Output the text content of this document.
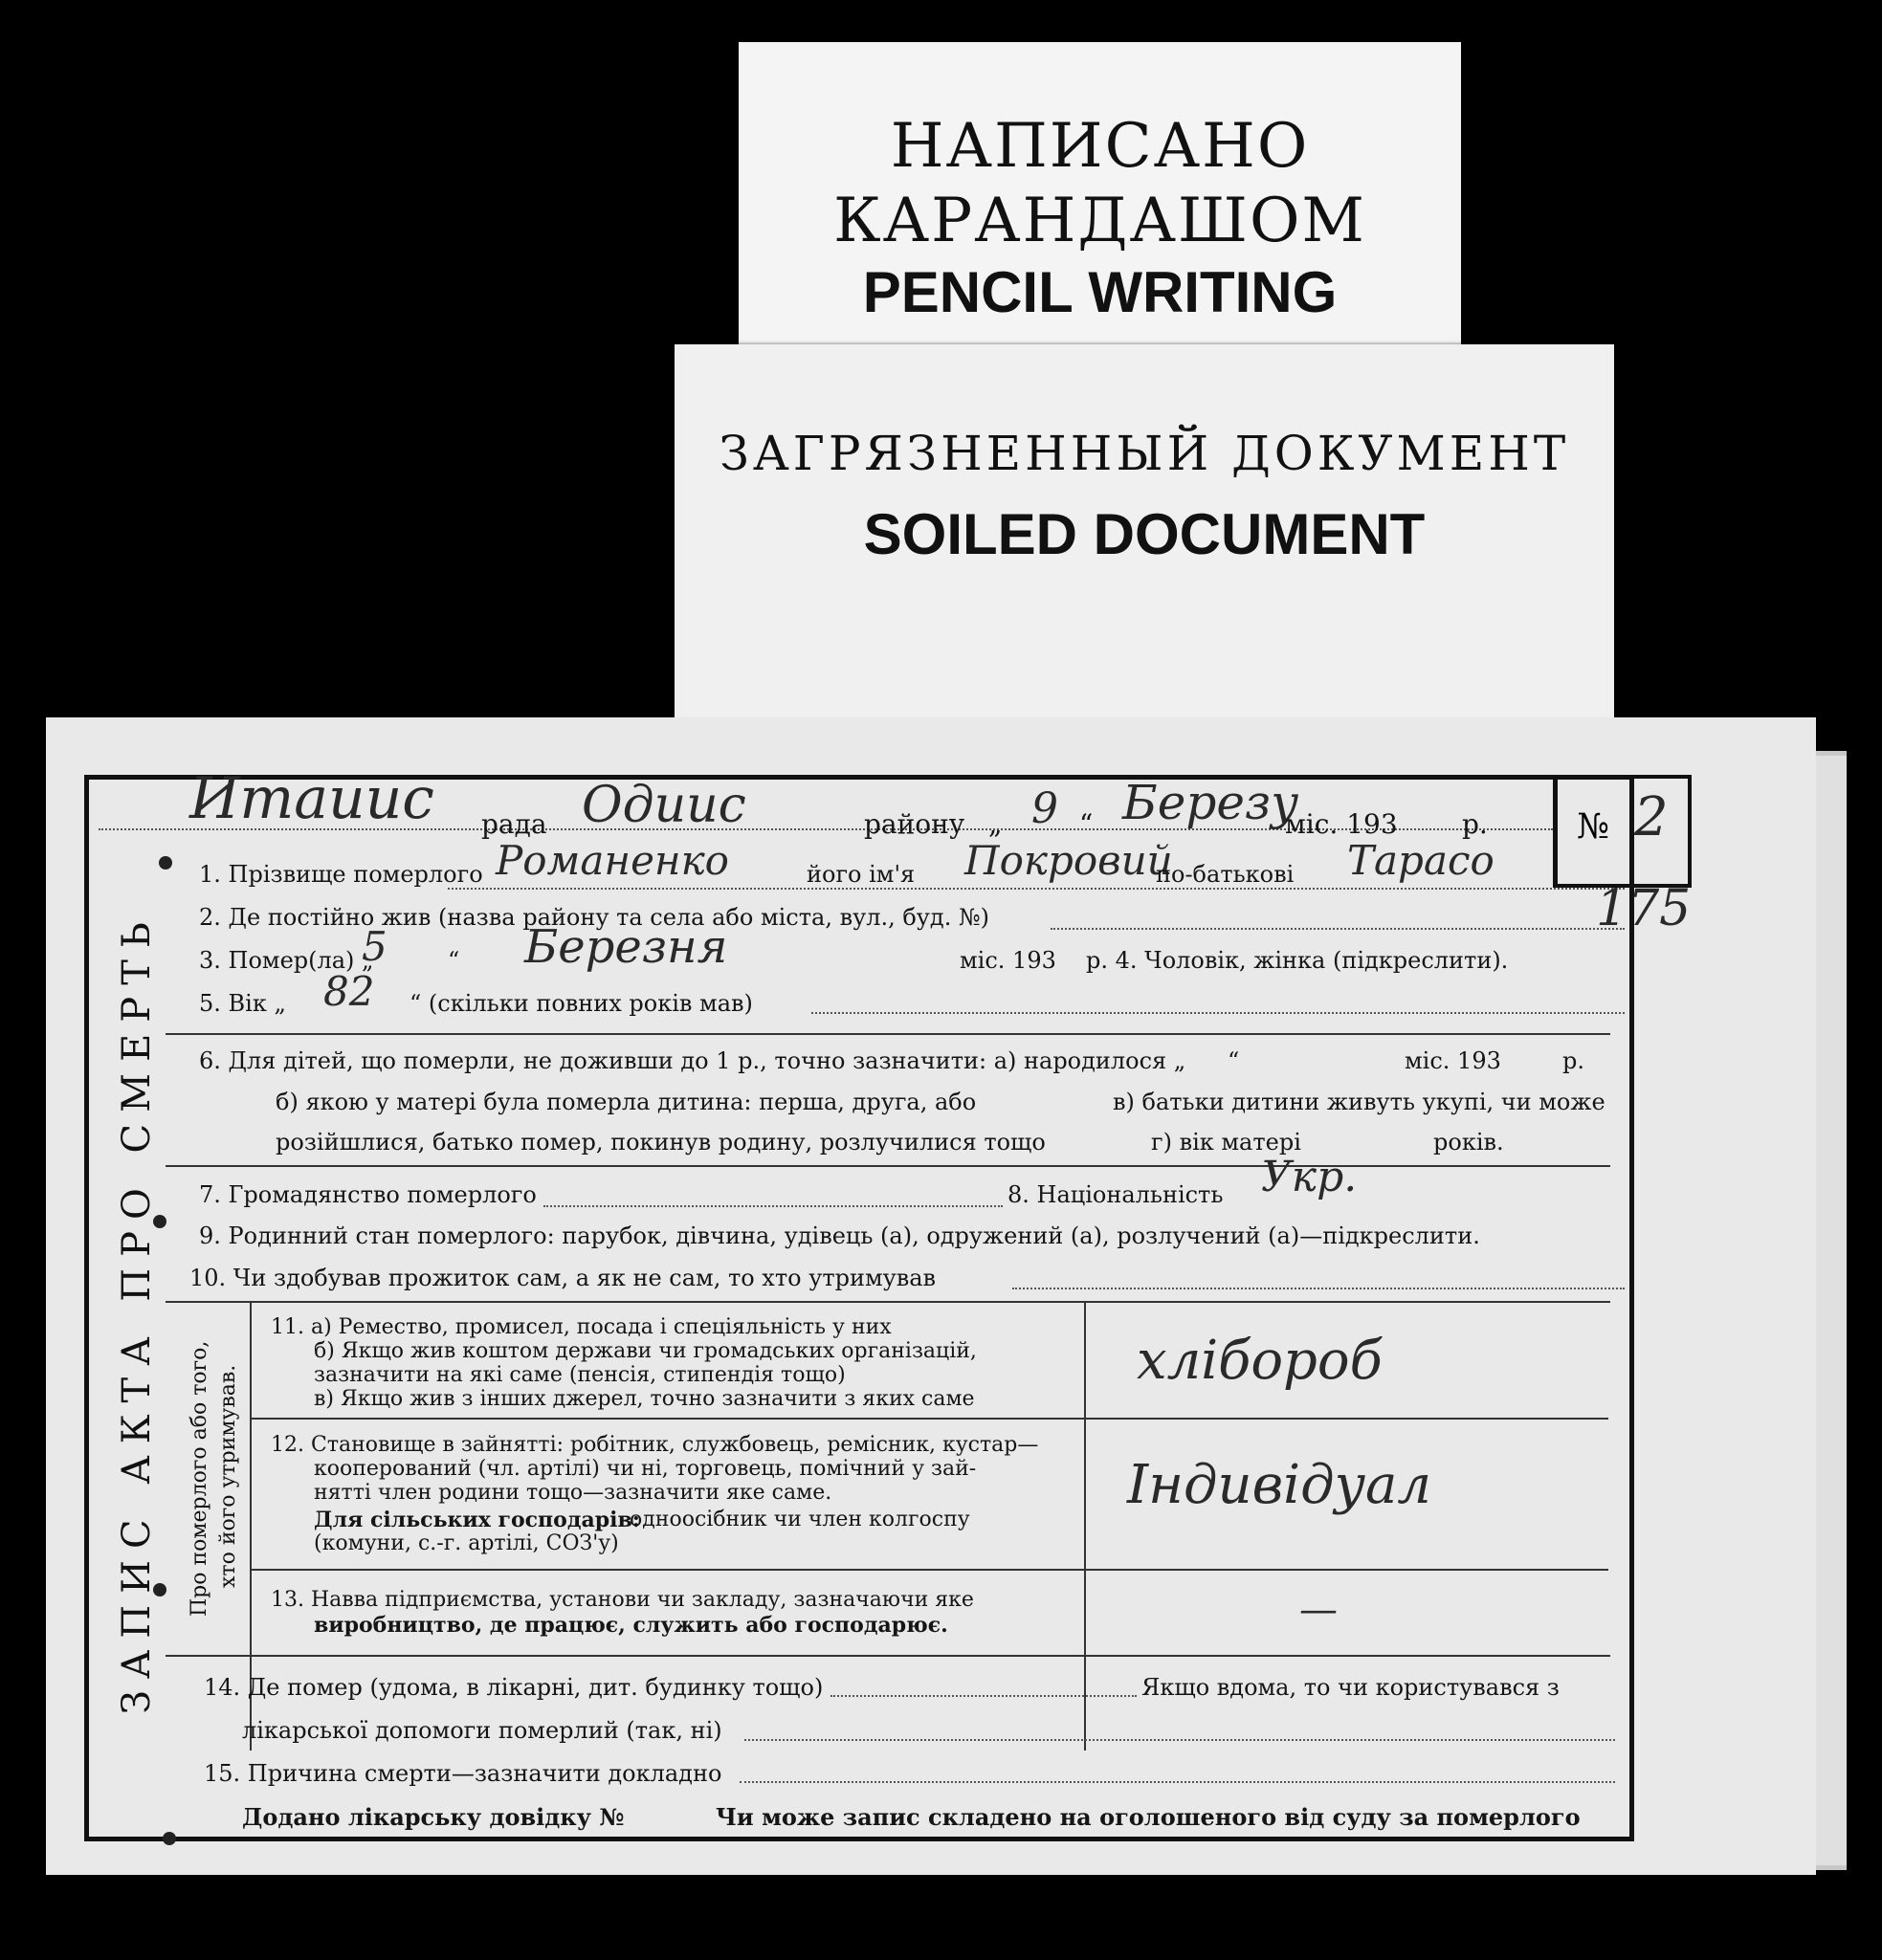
НАПИСАНО
КАРАНДАШОМ
PENCIL WRITING
ЗАГРЯЗНЕННЫЙ ДОКУМЕНТ
SOILED DOCUMENT
№ 2
ЗАПИС АКТА ПРО СМЕРТЬ Про померлого або того, хто його утримував.
Итаиис рада Одиис	району „ 9 “ Березу
міс. 193 р.
1. Прізвище померлого Романенко	його ім'я Покровий
по-батькові Тарасо
2. Де постійно жив (назва району та села або міста, вул., буд. №)
3. Помер(ла) „
5	“ Березня	міс. 193 р. 4. Чоловік, жінка (підкреслити).
175
5. Вік „ 82 “ (скільки повних років мав)
6. Для дітей, що померли, не доживши до 1 р., точно зазначити: а) народилося „ “	міс. 193	р.
б) якою у матері була померла дитина: перша, друга, або	в) батьки дитини живуть укупі, чи може
розійшлися, батько помер, покинув родину, розлучилися тощо	г) вік матері	років.
7. Громадянство померлого	8. Національність Укр.
9. Родинний стан померлого: парубок, дівчина, удівець (а), одружений (а), розлучений (а)—підкреслити.
10. Чи здобував прожиток сам, а як не сам, то хто утримував
11. а) Ремество, промисел, посада і спеціяльність у них
б) Якщо жив коштом держави чи громадських організацій,
зазначити на які саме (пенсія, стипендія тощо)
в) Якщо жив з інших джерел, точно зазначити з яких саме
хлібороб
12. Становище в зайнятті: робітник, службовець, ремісник, кустар—
кооперований (чл. артілі) чи ні, торговець, помічний у зай-
нятті член родини тощо—зазначити яке саме.
Для сільських господарів:
одноосібник чи член колгоспу
(комуни, с.-г. артілі, СОЗ'у)
Індивідуал
13. Навва підприємства, установи чи закладу, зазначаючи яке
виробництво, де працює, служить або господарює.	—
14. Де помер (удома, в лікарні, дит. будинку тощо)	Якщо вдома, то чи користувався з
лікарської допомоги померлий (так, ні)
15. Причина смерти—зазначити докладно
Додано лікарську довідку №	Чи може запис складено на оголошеного від суду за померлого
